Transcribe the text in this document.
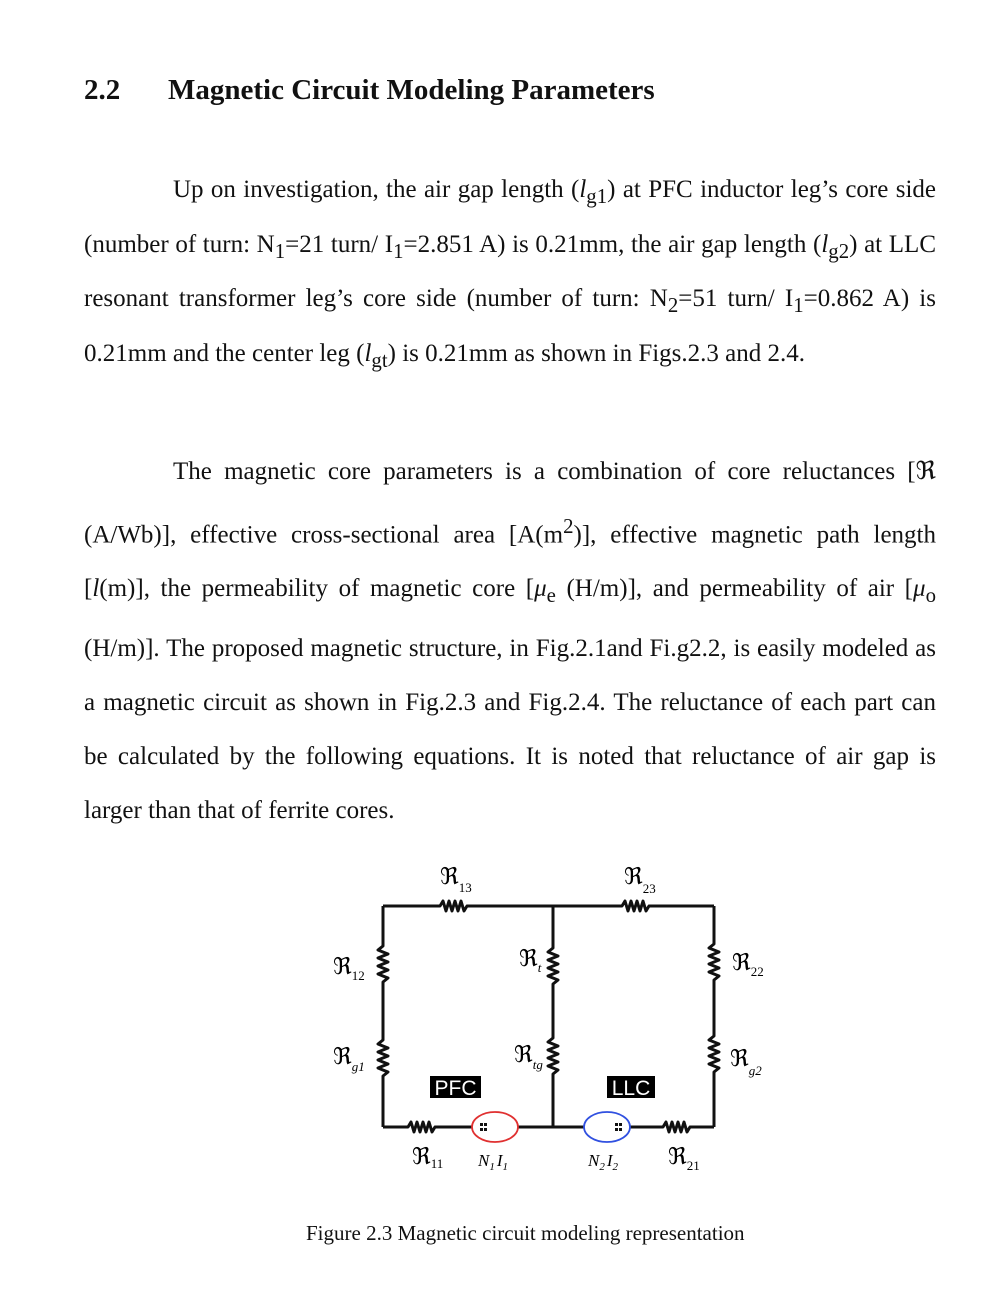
2.2 Magnetic Circuit Modeling Parameters

Up on investigation, the air gap length $(l_{g1})$ at PFC inductor leg’s core side (number of turn: $N_1=21$ turn/ $I_1=2.851$ A) is 0.21mm, the air gap length $(l_{g2})$ at LLC resonant transformer leg’s core side (number of turn: $N_2=51$ turn/ $I_1=0.862$ A) is 0.21mm and the center leg $(l_{gt})$ is 0.21mm as shown in Figs.2.3 and 2.4.

The magnetic core parameters is a combination of core reluctances [ℜ (A/Wb)], effective cross-sectional area $[A(m^2)]$, effective magnetic path length [l(m)], the permeability of magnetic core [$\mu_e$ (H/m)], and permeability of air [$\mu_o$ (H/m)]. The proposed magnetic structure, in Fig.2.1and Fi.g2.2, is easily modeled as a magnetic circuit as shown in Fig.2.3 and Fig.2.4. The reluctance of each part can be calculated by the following equations. It is noted that reluctance of air gap is larger than that of ferrite cores.

PFC	LLC
ℜ$_{13}$	ℜ$_{23}$
ℜ$_{12}$
ℜ$_{22}$
ℜ$_t$
ℜ$_{tg}$
ℜ$_{g1}$	ℜ$_{g2}$
ℜ$_{11}$	ℜ$_{21}$
$N_1$ $I_1$	$N_2$ $I_2$

Figure 2.3 Magnetic circuit modeling representation
